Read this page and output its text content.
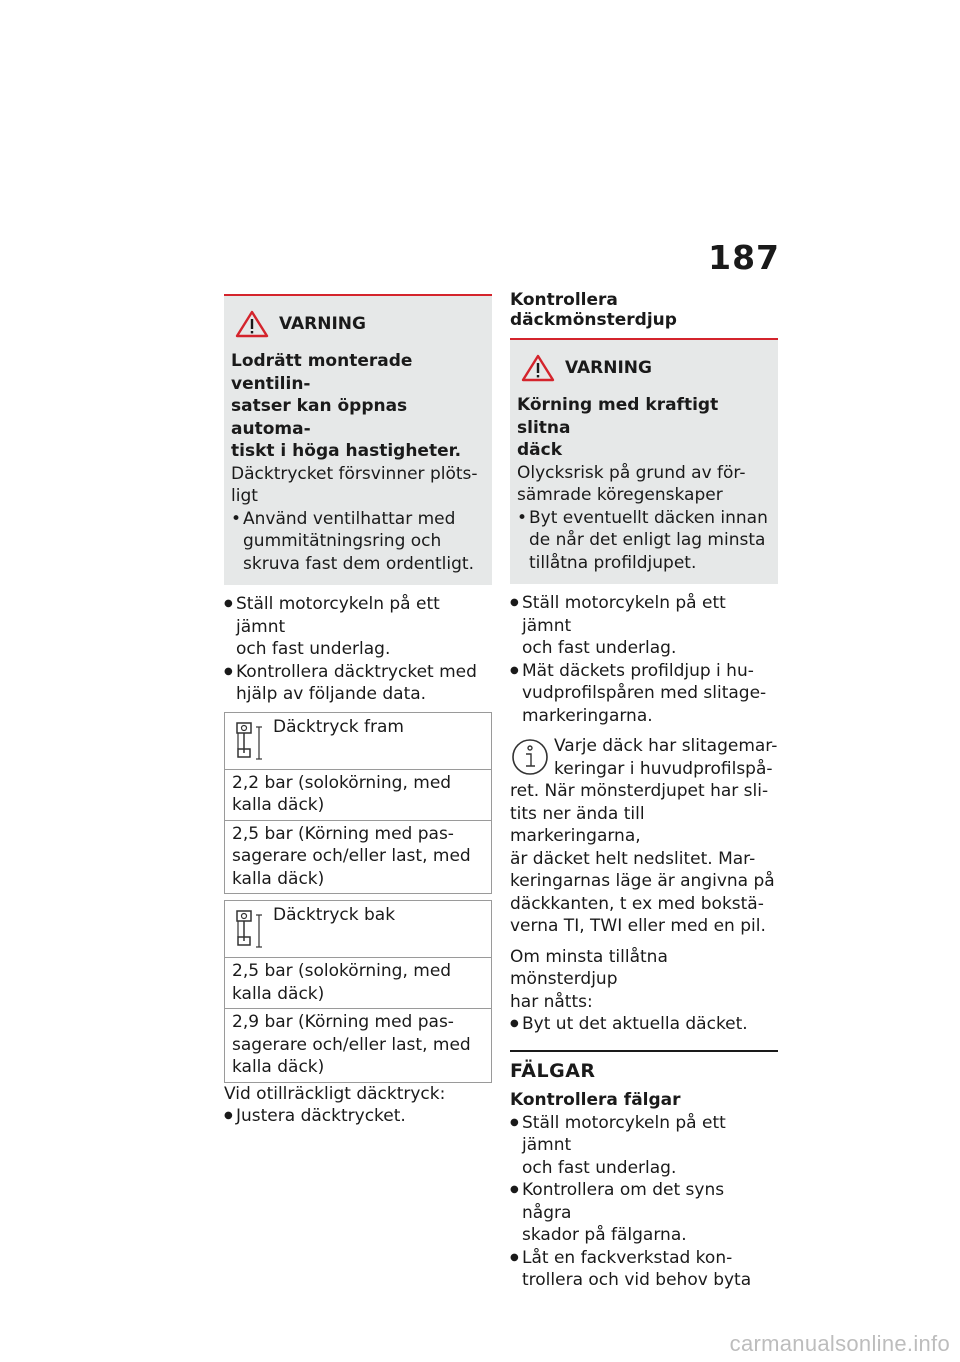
187
VARNING
Lodrätt monterade ventilin-
satser kan öppnas automa-
tiskt i höga hastigheter.
Däcktrycket försvinner plöts-
ligt
• Använd ventilhattar med
gummitätningsring och
skruva fast dem ordentligt.
● Ställ motorcykeln på ett jämnt
och fast underlag.
● Kontrollera däcktrycket med
hjälp av följande data.
Däcktryck fram
2,2 bar (solokörning, med
kalla däck)
2,5 bar (Körning med pas-
sagerare och/eller last, med
kalla däck)
Däcktryck bak
2,5 bar (solokörning, med
kalla däck)
2,9 bar (Körning med pas-
sagerare och/eller last, med
kalla däck)
Vid otillräckligt däcktryck:
● Justera däcktrycket.
Kontrollera däckmönsterdjup
VARNING
Körning med kraftigt slitna
däck
Olycksrisk på grund av för-
sämrade köregenskaper
• Byt eventuellt däcken innan
de når det enligt lag minsta
tillåtna profildjupet.
● Ställ motorcykeln på ett jämnt
och fast underlag.
● Mät däckets profildjup i hu-
vudprofilspåren med slitage-
markeringarna.
Varje däck har slitagemar-
keringar i huvudprofilspå-
ret. När mönsterdjupet har sli-
tits ner ända till markeringarna,
är däcket helt nedslitet. Mar-
keringarnas läge är angivna på
däckkanten, t ex med bokstä-
verna TI, TWI eller med en pil.
Om minsta tillåtna mönsterdjup
har nåtts:
● Byt ut det aktuella däcket.
FÄLGAR
Kontrollera fälgar
● Ställ motorcykeln på ett jämnt
och fast underlag.
● Kontrollera om det syns några
skador på fälgarna.
● Låt en fackverkstad kon-
trollera och vid behov byta
carmanualsonline.info
